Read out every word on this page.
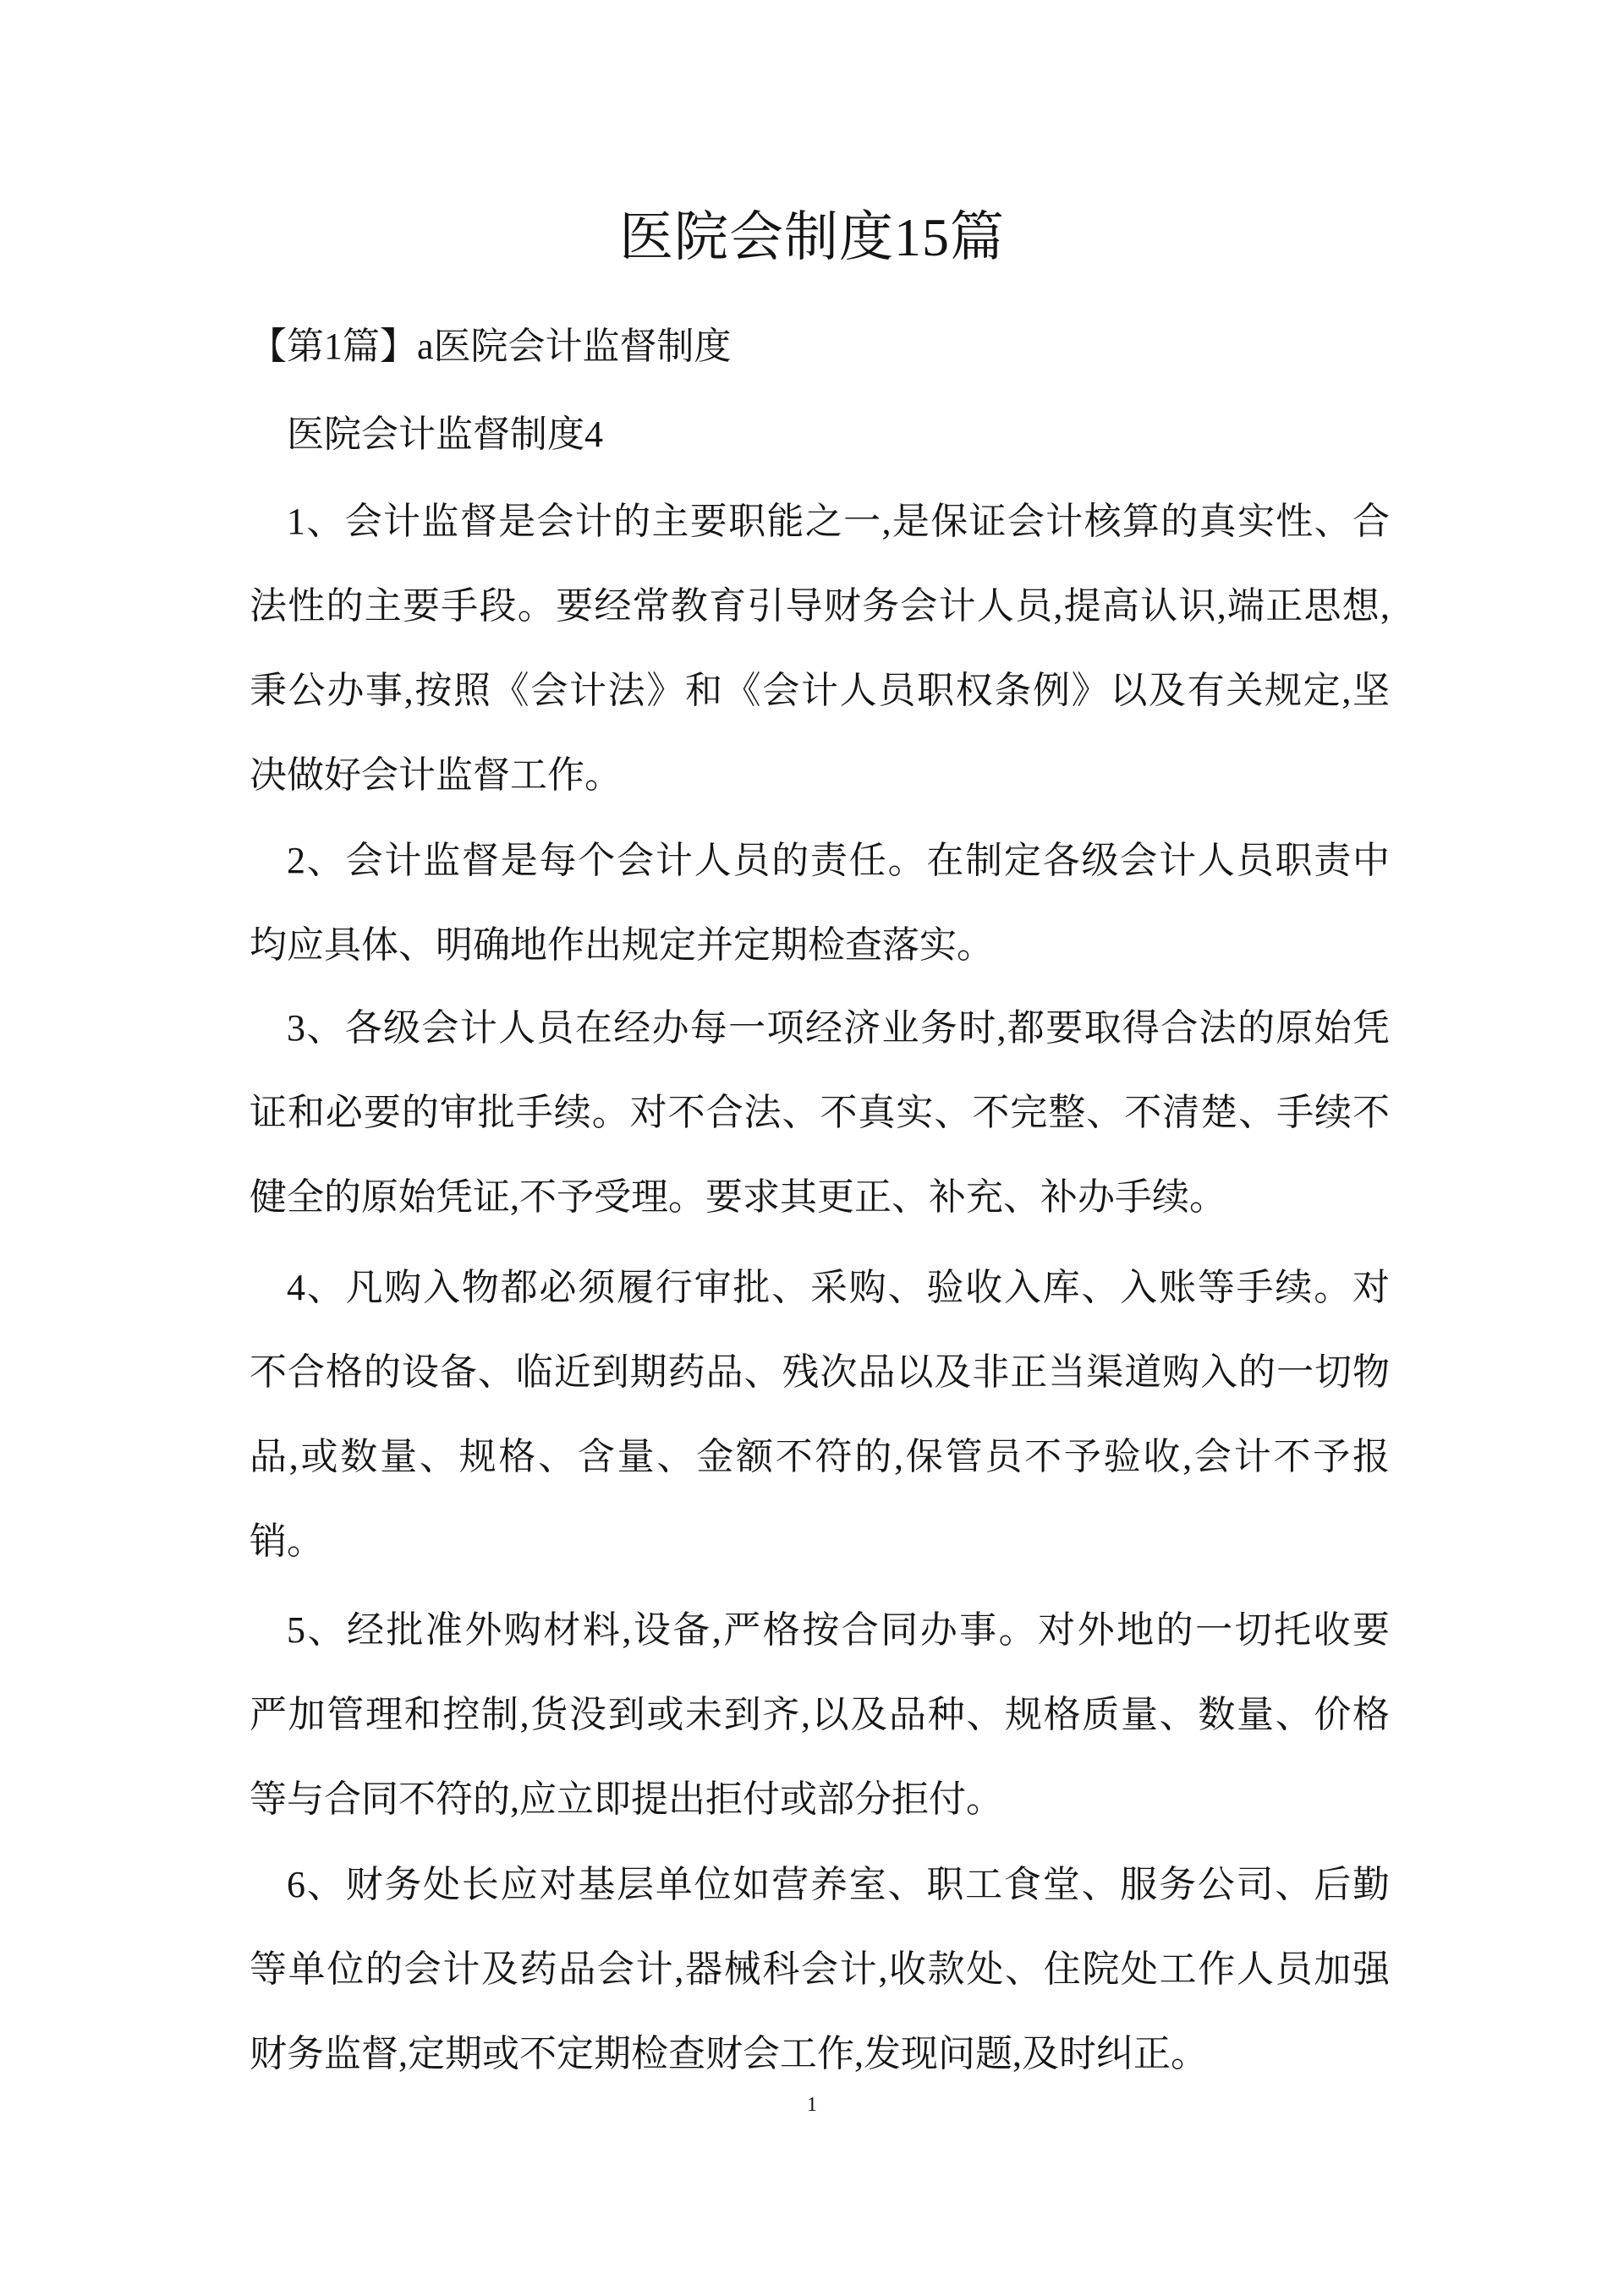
医院会制度15篇
【第1篇】a医院会计监督制度
医院会计监督制度4
1、会计监督是会计的主要职能之一,是保证会计核算的真实性、合
法性的主要手段。要经常教育引导财务会计人员,提高认识,端正思想,
秉公办事,按照《会计法》和《会计人员职权条例》以及有关规定,坚
决做好会计监督工作。
2、会计监督是每个会计人员的责任。在制定各级会计人员职责中
均应具体、明确地作出规定并定期检查落实。
3、各级会计人员在经办每一项经济业务时,都要取得合法的原始凭
证和必要的审批手续。对不合法、不真实、不完整、不清楚、手续不
健全的原始凭证,不予受理。要求其更正、补充、补办手续。
4、凡购入物都必须履行审批、采购、验收入库、入账等手续。对
不合格的设备、临近到期药品、残次品以及非正当渠道购入的一切物
品,或数量、规格、含量、金额不符的,保管员不予验收,会计不予报
销。
5、经批准外购材料,设备,严格按合同办事。对外地的一切托收要
严加管理和控制,货没到或未到齐,以及品种、规格质量、数量、价格
等与合同不符的,应立即提出拒付或部分拒付。
6、财务处长应对基层单位如营养室、职工食堂、服务公司、后勤
等单位的会计及药品会计,器械科会计,收款处、住院处工作人员加强
财务监督,定期或不定期检查财会工作,发现问题,及时纠正。
1
